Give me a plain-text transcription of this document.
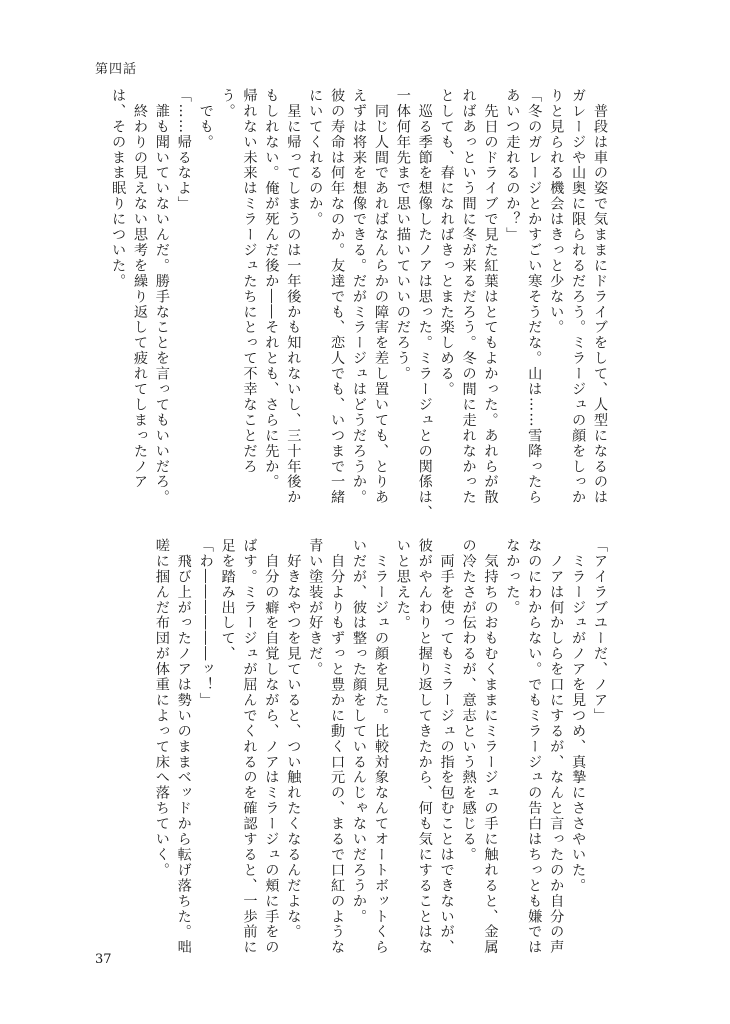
第四話
　普段は車の姿で気ままにドライブをして、人型になるのは
ガレージや山奥に限られるだろう。ミラージュの顔をしっか
りと見られる機会はきっと少ない。
「冬のガレージとかすごい寒そうだな。山は……雪降ったら
あいつ走れるのか？」
　先日のドライブで見た紅葉はとてもよかった。あれらが散
ればあっという間に冬が来るだろう。冬の間に走れなかった
としても、春になればきっとまた楽しめる。
　巡る季節を想像したノアは思った。ミラージュとの関係は、
一体何年先まで思い描いていいのだろう。
　同じ人間であればなんらかの障害を差し置いても、とりあ
えずは将来を想像できる。だがミラージュはどうだろうか。
彼の寿命は何年なのか。友達でも、恋人でも、いつまで一緒
にいてくれるのか。
　星に帰ってしまうのは一年後かも知れないし、三十年後か
もしれない。俺が死んだ後か――それとも、さらに先か。
帰れない未来はミラージュたちにとって不幸なことだろ
う。
　でも。
「……帰るなよ」
　誰も聞いていないんだ。勝手なことを言ってもいいだろ。
　終わりの見えない思考を繰り返して疲れてしまったノア
は、そのまま眠りについた。
「アイラブユーだ、ノア」
　ミラージュがノアを見つめ、真摯にささやいた。
　ノアは何かしらを口にするが、なんと言ったのか自分の声
なのにわからない。でもミラージュの告白はちっとも嫌では
なかった。
　気持ちのおもむくままにミラージュの手に触れると、金属
の冷たさが伝わるが、意志という熱を感じる。
　両手を使ってもミラージュの指を包むことはできないが、
彼がやんわりと握り返してきたから、何も気にすることはな
いと思えた。
　ミラージュの顔を見た。比較対象なんてオートボットくら
いだが、彼は整った顔をしているんじゃないだろうか。
　自分よりもずっと豊かに動く口元の、まるで口紅のような
青い塗装が好きだ。
　好きなやつを見ていると、つい触れたくなるんだよな。
　自分の癖を自覚しながら、ノアはミラージュの頬に手をの
ばす。ミラージュが屈んでくれるのを確認すると、一歩前に
足を踏み出して、
「わ――――――ッ！」
　飛び上がったノアは勢いのままベッドから転げ落ちた。咄
嗟に掴んだ布団が体重によって床へ落ちていく。
37
